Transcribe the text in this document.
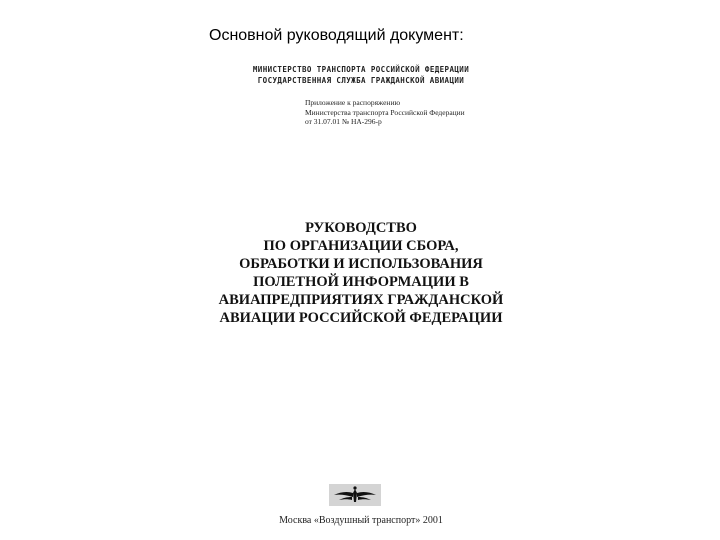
Основной руководящий документ:
МИНИСТЕРСТВО ТРАНСПОРТА РОССИЙСКОЙ ФЕДЕРАЦИИ
ГОСУДАРСТВЕННАЯ СЛУЖБА ГРАЖДАНСКОЙ АВИАЦИИ
Приложение к распоряжению
Министерства транспорта Российской Федерации
от 31.07.01 № НА-296-р
РУКОВОДСТВО
ПО ОРГАНИЗАЦИИ СБОРА,
ОБРАБОТКИ И ИСПОЛЬЗОВАНИЯ
ПОЛЕТНОЙ ИНФОРМАЦИИ В
АВИАПРЕДПРИЯТИЯХ ГРАЖДАНСКОЙ
АВИАЦИИ РОССИЙСКОЙ ФЕДЕРАЦИИ
Москва «Воздушный транспорт» 2001
